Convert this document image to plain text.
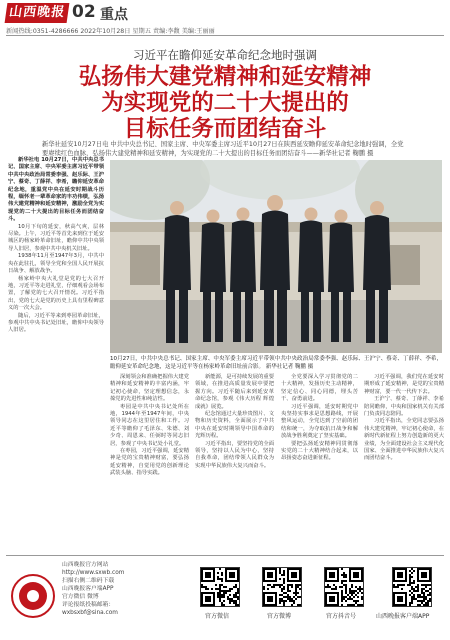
山西晚报 02 重点
新闻热线:0351-4286666 2022年10月28日 星期五 责编:李馥 美编:王丽丽
习近平在瞻仰延安革命纪念地时强调
弘扬伟大建党精神和延安精神
为实现党的二十大提出的
目标任务而团结奋斗
新华社延安10月27日电 中共中央总书记、国家主席、中央军委主席习近平10月27日在陕西延安瞻仰延安革命纪念地时强调，全党要赓续红色血脉，弘扬伟大建党精神和延安精神，为实现党的二十大提出的目标任务而团结奋斗——新华社记者 鞠鹏 摄

新华社电 10月27日，中共中央总书记、国家主席、中央军委主席习近平带领中共中央政治局常委李强、赵乐际、王沪宁、蔡奇、丁薛祥、李希，瞻仰延安革命纪念地，重温党中央在延安时期战斗历程，缅怀老一辈革命家的丰功伟绩，弘扬伟大建党精神和延安精神，激励全党为实现党的二十大提出的目标任务而团结奋斗。

10月下旬的延安，秋高气爽，层林尽染。上午，习近平等首先来到位于延安城区的杨家岭革命旧址，瞻仰中共中央领导人旧居，参观中共中央机关旧址。

1938年11月至1947年3月，中共中央在此驻扎，领导全党和全国人民开展抗日战争、解放战争。

杨家岭中央大礼堂是党的七大召开地，习近平等走进礼堂，仔细观看会场布置，了解党的七大召开情况。习近平指出，党的七大是党的历史上具有里程碑意义的一次大会。

随后，习近平等来到枣园革命旧址，参观中共中央书记处旧址，瞻仰中央领导人旧居。

10月27日，中共中央总书记、国家主席、中央军委主席习近平带领中共中央政治局常委李强、赵乐际、王沪宁、蔡奇、丁薛祥、李希，瞻仰延安革命纪念地，这是习近平等在杨家岭革命旧址前合影。 新华社记者 鞠鹏 摄

深刻领会和准确把握伟大建党精神和延安精神的丰富内涵，牢记初心使命，坚定理想信念，永葆党的先进性和纯洁性。

枣园是中共中央书记处所在地，1944年至1947年间，中央领导同志在这里居住和工作。习近平等瞻仰了毛泽东、朱德、刘少奇、周恩来、任弼时等同志旧居，参观了中央书记处小礼堂。

在枣园，习近平强调，延安精神是党的宝贵精神财富，要弘扬延安精神，自觉用党的创新理论武装头脑、指导实践。

新能源，是可持续发展的重要领域，在推进高质量发展中要把握方向。习近平随后来到延安革命纪念馆，参观《伟大历程 辉煌成就》展览。

纪念馆通过大量珍贵图片、文物和历史资料，全面展示了中共中央在延安时期领导中国革命的光辉历程。

习近平指出，要坚持党的全面领导，坚持以人民为中心，坚持自我革命，团结带领人民群众为实现中华民族伟大复兴而奋斗。

全党要深入学习贯彻党的二十大精神，发扬历史主动精神，坚定信心、同心同德，埋头苦干、奋勇前进。

习近平强调，延安时期党中央坚持实事求是思想路线，开展整风运动，全党达到了空前的团结和统一，为夺取抗日战争和解放战争胜利奠定了坚实基础。

要把弘扬延安精神同贯彻落实党的二十大精神结合起来，以昂扬姿态奋进新征程。

习近平强调，我们党在延安时期形成了延安精神，是党的宝贵精神财富，要一代一代传下去。

王沪宁、蔡奇、丁薛祥、李希陪同瞻仰，中央和国家机关有关部门负责同志陪同。

习近平指出，全党同志要弘扬伟大建党精神，牢记初心使命，在新时代新征程上努力创造新的更大业绩，为全面建设社会主义现代化国家、全面推进中华民族伟大复兴而团结奋斗。

山西晚报官方网站
http://www.sxwb.com
扫描右侧二维码下载
山西晚报客户端APP
官方微信 微博
评论报纸投稿邮箱：
wxbsxbf@sina.com	官方微信	官方微博	官方抖音号	山西晚报客户端APP
